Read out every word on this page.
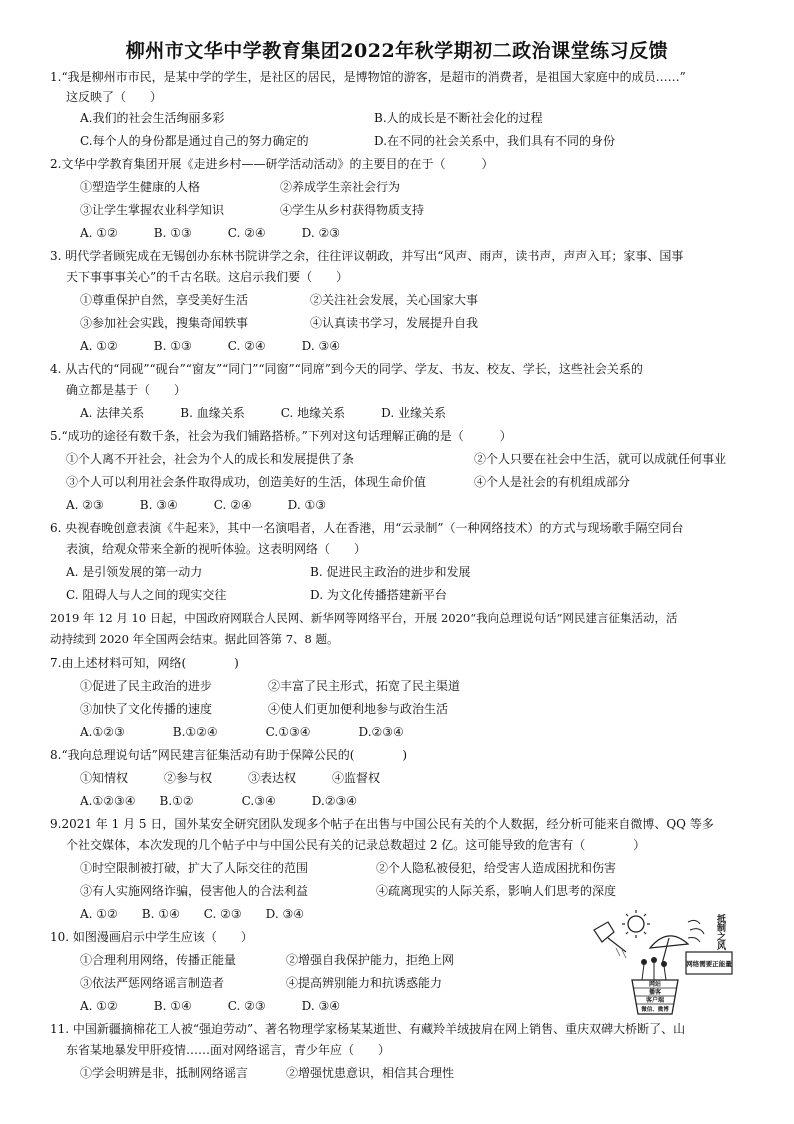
柳州市文华中学教育集团2022年秋学期初二政治课堂练习反馈
1.“我是柳州市市民，是某中学的学生，是社区的居民，是博物馆的游客，是超市的消费者，是祖国大家庭中的成员……”
这反映了（　　）
A.我们的社会生活绚丽多彩	B.人的成长是不断社会化的过程
C.每个人的身份都是通过自己的努力确定的	D.在不同的社会关系中，我们具有不同的身份
2.文华中学教育集团开展《走进乡村——研学活动活动》的主要目的在于（　　　）
①塑造学生健康的人格	②养成学生亲社会行为
③让学生掌握农业科学知识	④学生从乡村获得物质支持
A. ①②　　　B. ①③　　　C. ②④　　　D. ②③
3. 明代学者顾宪成在无锡创办东林书院讲学之余，往往评议朝政，并写出“风声、雨声，读书声，声声入耳；家事、国事
天下事事事关心”的千古名联。这启示我们要（　　）
①尊重保护自然，享受美好生活	②关注社会发展，关心国家大事
③参加社会实践，搜集奇闻轶事	④认真读书学习，发展提升自我
A. ①②　　　B. ①③　　　C. ②④　　　D. ③④
4. 从古代的“同砚”“砚台”“窗友”“同门”“同窗”“同席”到今天的同学、学友、书友、校友、学长，这些社会关系的
确立都是基于（　　）
A. 法律关系　　　B. 血缘关系　　　C. 地缘关系　　　D. 业缘关系
5.“成功的途径有数千条，社会为我们铺路搭桥。”下列对这句话理解正确的是（　　　）
①个人离不开社会，社会为个人的成长和发展提供了条	②个人只要在社会中生活，就可以成就任何事业
③个人可以利用社会条件取得成功，创造美好的生活，体现生命价值	④个人是社会的有机组成部分
A. ②③　　　B. ③④　　　C. ②④　　　D. ①③
6. 央视春晚创意表演《牛起来》，其中一名演唱者，人在香港，用“云录制”（一种网络技术）的方式与现场歌手隔空同台
表演，给观众带来全新的视听体验。这表明网络（　　）
A. 是引领发展的第一动力	B. 促进民主政治的进步和发展
C. 阻碍人与人之间的现实交往	D. 为文化传播搭建新平台
2019 年 12 月 10 日起，中国政府网联合人民网、新华网等网络平台，开展 2020“我向总理说句话”网民建言征集活动，活
动持续到 2020 年全国两会结束。据此回答第 7、8 题。
7.由上述材料可知，网络(　　　　)
①促进了民主政治的进步	②丰富了民主形式，拓宽了民主渠道
③加快了文化传播的速度	④使人们更加便利地参与政治生活
A.①②③　　　　B.①②④　　　　C.①③④　　　　D.②③④
8.“我向总理说句话”网民建言征集活动有助于保障公民的(　　　　)
①知情权　　　②参与权　　　③表达权　　　④监督权
A.①②③④　　B.①②　　　　C.③④　　　D.②③④
9.2021 年 1 月 5 日，国外某安全研究团队发现多个帖子在出售与中国公民有关的个人数据，经分析可能来自微博、QQ 等多
个社交媒体，本次发现的几个帖子中与中国公民有关的记录总数超过 2 亿。这可能导致的危害有（　　　　）
①时空限制被打破，扩大了人际交往的范围	②个人隐私被侵犯，给受害人造成困扰和伤害
③有人实施网络诈骗，侵害他人的合法利益	④疏离现实的人际关系，影响人们思考的深度
A. ①②　　B. ①④　　C. ②③　　D. ③④
10. 如图漫画启示中学生应该（　　）
①合理利用网络，传播正能量	②增强自我保护能力，拒绝上网
③依法严惩网络谣言制造者	④提高辨别能力和抗诱惑能力
A. ①②　　　B. ①④　　　C. ②③　　　D. ③④
抵制之风
网络需要正能量
网站
播客
客户端
微信、微博
11. 中国新疆摘棉花工人被“强迫劳动”、著名物理学家杨某某逝世、有藏羚羊绒披肩在网上销售、重庆双碑大桥断了、山
东省某地暴发甲肝疫情……面对网络谣言，青少年应（　　）
①学会明辨是非，抵制网络谣言	②增强忧患意识，相信其合理性
